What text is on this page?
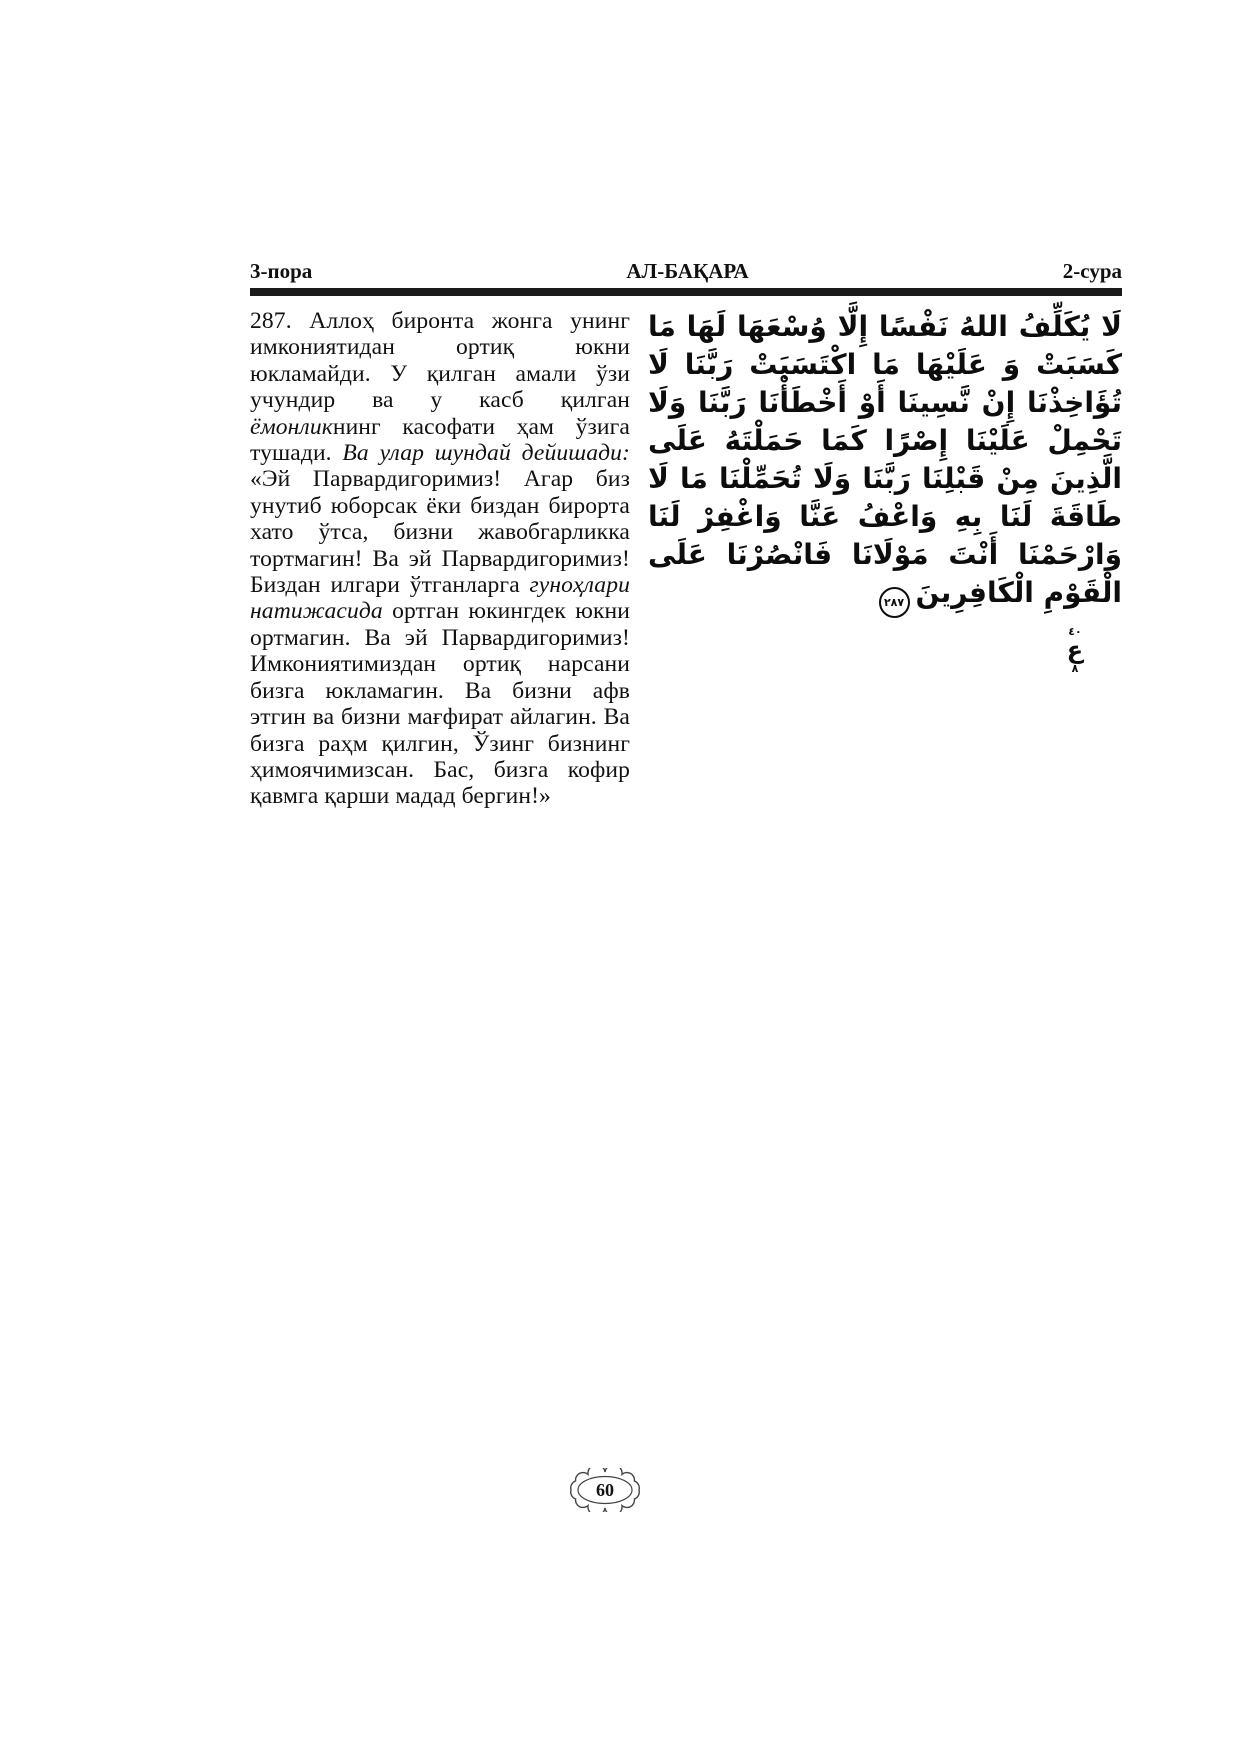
3-пора	АЛ-БАҚАРА	2-сура
287. Аллоҳ биронта жонга унинг имкониятидан ортиқ юкни юкламайди. У қилган амали ўзи учундир ва у касб қилган ёмонликнинг касофати ҳам ўзига тушади. Ва улар шундай дейишади: «Эй Парвардигоримиз! Агар биз унутиб юборсак ёки биздан бирорта хато ўтса, бизни жавобгарликка тортмагин! Ва эй Парвардигоримиз! Биздан илгари ўтганларга гуноҳлари натижасида ортган юкингдек юкни ортмагин. Ва эй Парвардигоримиз! Имкониятимиздан ортиқ нарсани бизга юкламагин. Ва бизни афв этгин ва бизни мағфират айлагин. Ва бизга раҳм қилгин, Ўзинг бизнинг ҳимоячимизсан. Бас, бизга кофир қавмга қарши мадад бергин!»
لَا يُكَلِّفُ اللهُ نَفْسًا إِلَّا وُسْعَهَا لَهَا مَا كَسَبَتْ وَ عَلَيْهَا مَا اكْتَسَبَتْ رَبَّنَا لَا تُؤَاخِذْنَا إِنْ نَّسِينَا أَوْ أَخْطَأْنَا رَبَّنَا وَلَا تَحْمِلْ عَلَيْنَا إِصْرًا كَمَا حَمَلْتَهُ عَلَى الَّذِينَ مِنْ قَبْلِنَا رَبَّنَا وَلَا تُحَمِّلْنَا مَا لَا طَاقَةَ لَنَا بِهِ وَاعْفُ عَنَّا وَاغْفِرْ لَنَا وَارْحَمْنَا أَنْتَ مَوْلَانَا فَانْصُرْنَا عَلَى الْقَوْمِ الْكَافِرِينَ٢٨٧
٤٠
ع
٨
60
